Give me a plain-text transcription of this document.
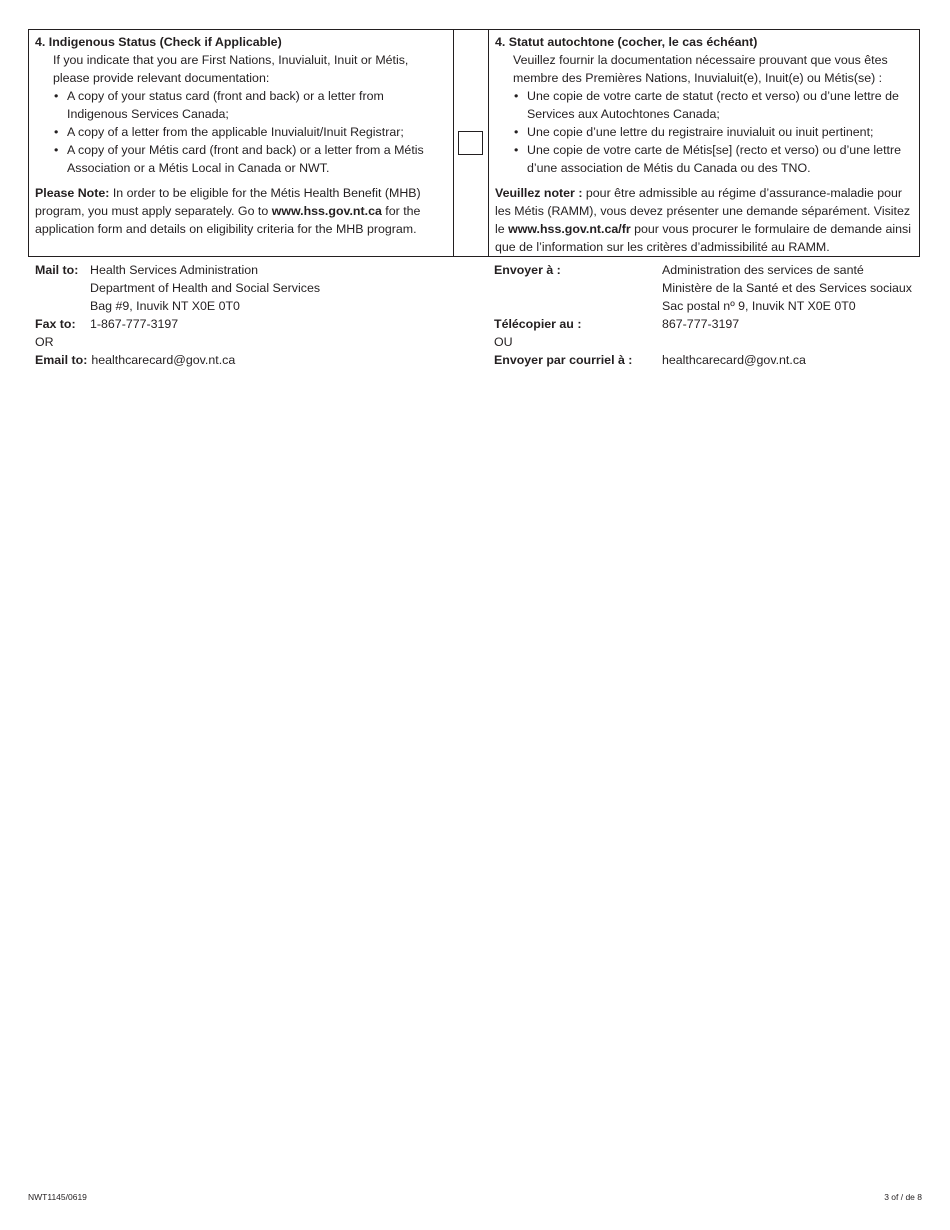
4. Indigenous Status (Check if Applicable)
If you indicate that you are First Nations, Inuvialuit, Inuit or Métis, please provide relevant documentation:
• A copy of your status card (front and back) or a letter from Indigenous Services Canada;
• A copy of a letter from the applicable Inuvialuit/Inuit Registrar;
• A copy of your Métis card (front and back) or a letter from a Métis Association or a Métis Local in Canada or NWT.
Please Note: In order to be eligible for the Métis Health Benefit (MHB) program, you must apply separately. Go to www.hss.gov.nt.ca for the application form and details on eligibility criteria for the MHB program.
4. Statut autochtone (cocher, le cas échéant)
Veuillez fournir la documentation nécessaire prouvant que vous êtes membre des Premières Nations, Inuvialuit(e), Inuit(e) ou Métis(se) :
• Une copie de votre carte de statut (recto et verso) ou d’une lettre de Services aux Autochtones Canada;
• Une copie d’une lettre du registraire inuvialuit ou inuit pertinent;
• Une copie de votre carte de Métis[se] (recto et verso) ou d’une lettre d’une association de Métis du Canada ou des TNO.
Veuillez noter : pour être admissible au régime d’assurance-maladie pour les Métis (RAMM), vous devez présenter une demande séparément. Visitez le www.hss.gov.nt.ca/fr pour vous procurer le formulaire de demande ainsi que de l’information sur les critères d’admissibilité au RAMM.
Mail to: Health Services Administration
Department of Health and Social Services
Bag #9, Inuvik NT X0E 0T0
Fax to:	1-867-777-3197
OR
Email to: healthcarecard@gov.nt.ca
Envoyer à :	Administration des services de santé
Ministère de la Santé et des Services sociaux
Sac postal nº 9, Inuvik NT X0E 0T0
Télécopier au :	867-777-3197
OU
Envoyer par courriel à :	healthcarecard@gov.nt.ca
NWT1145/0619	3 of / de 8
